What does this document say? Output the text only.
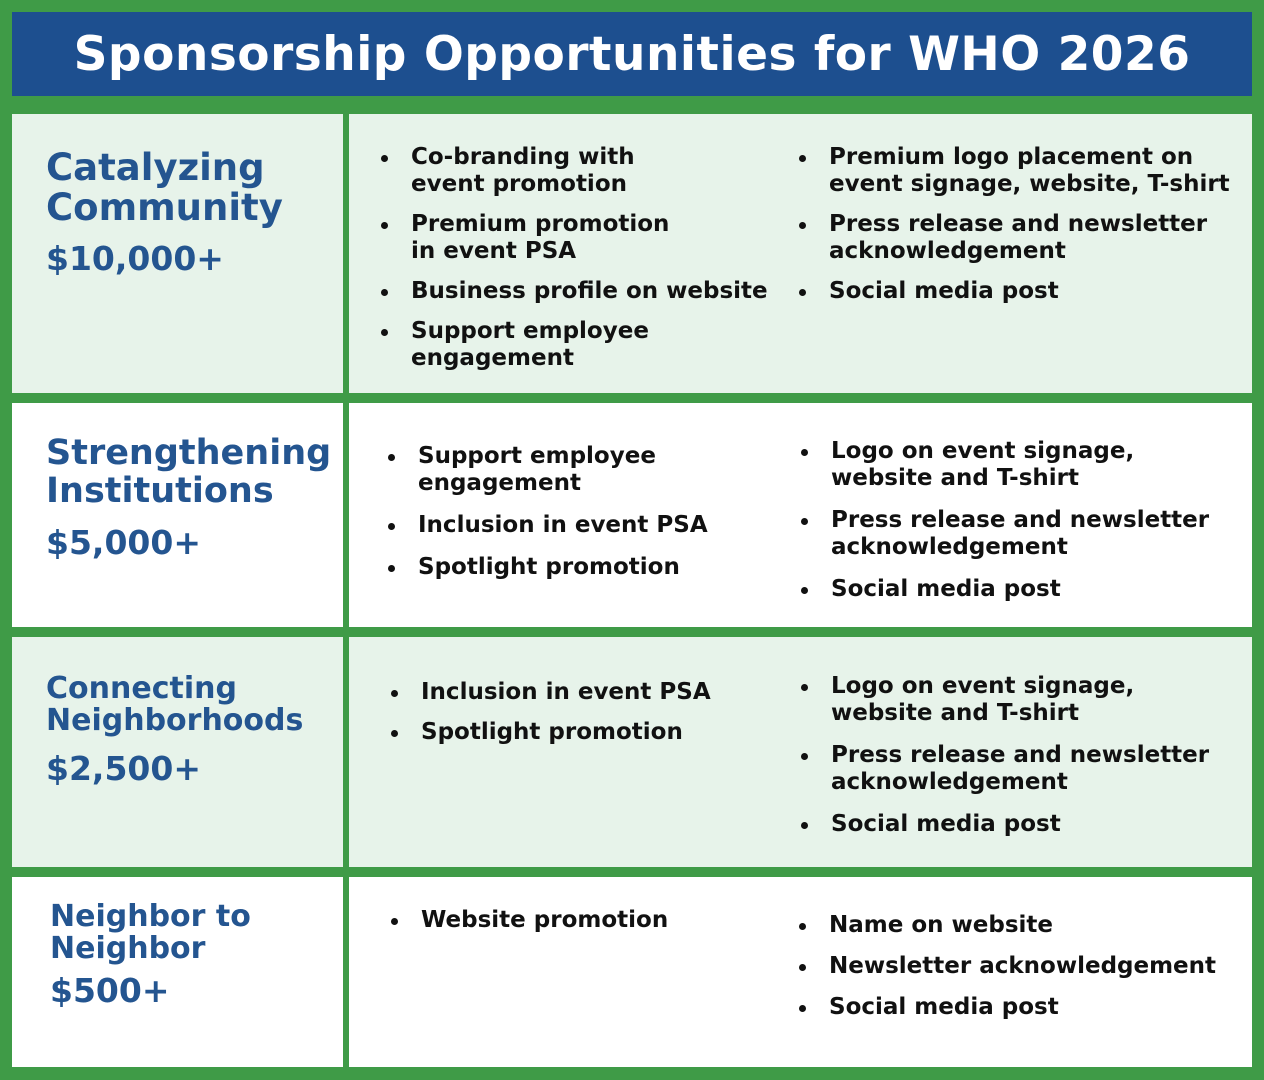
Sponsorship Opportunities for WHO 2026

Catalyzing
Community

$10,000+

Co-branding with event promotion
Premium promotion in event PSA
Business profile on website
Support employee engagement
Premium logo placement on event signage, website, T-shirt
Press release and newsletter acknowledgement
Social media post

Strengthening
Institutions

$5,000+

Support employee engagement
Inclusion in event PSA
Spotlight promotion
Logo on event signage, website and T-shirt
Press release and newsletter acknowledgement
Social media post

Connecting
Neighborhoods

$2,500+

Inclusion in event PSA
Spotlight promotion
Logo on event signage, website and T-shirt
Press release and newsletter acknowledgement
Social media post

Neighbor to
Neighbor

$500+

Website promotion	Name on website
Newsletter acknowledgement
Social media post
